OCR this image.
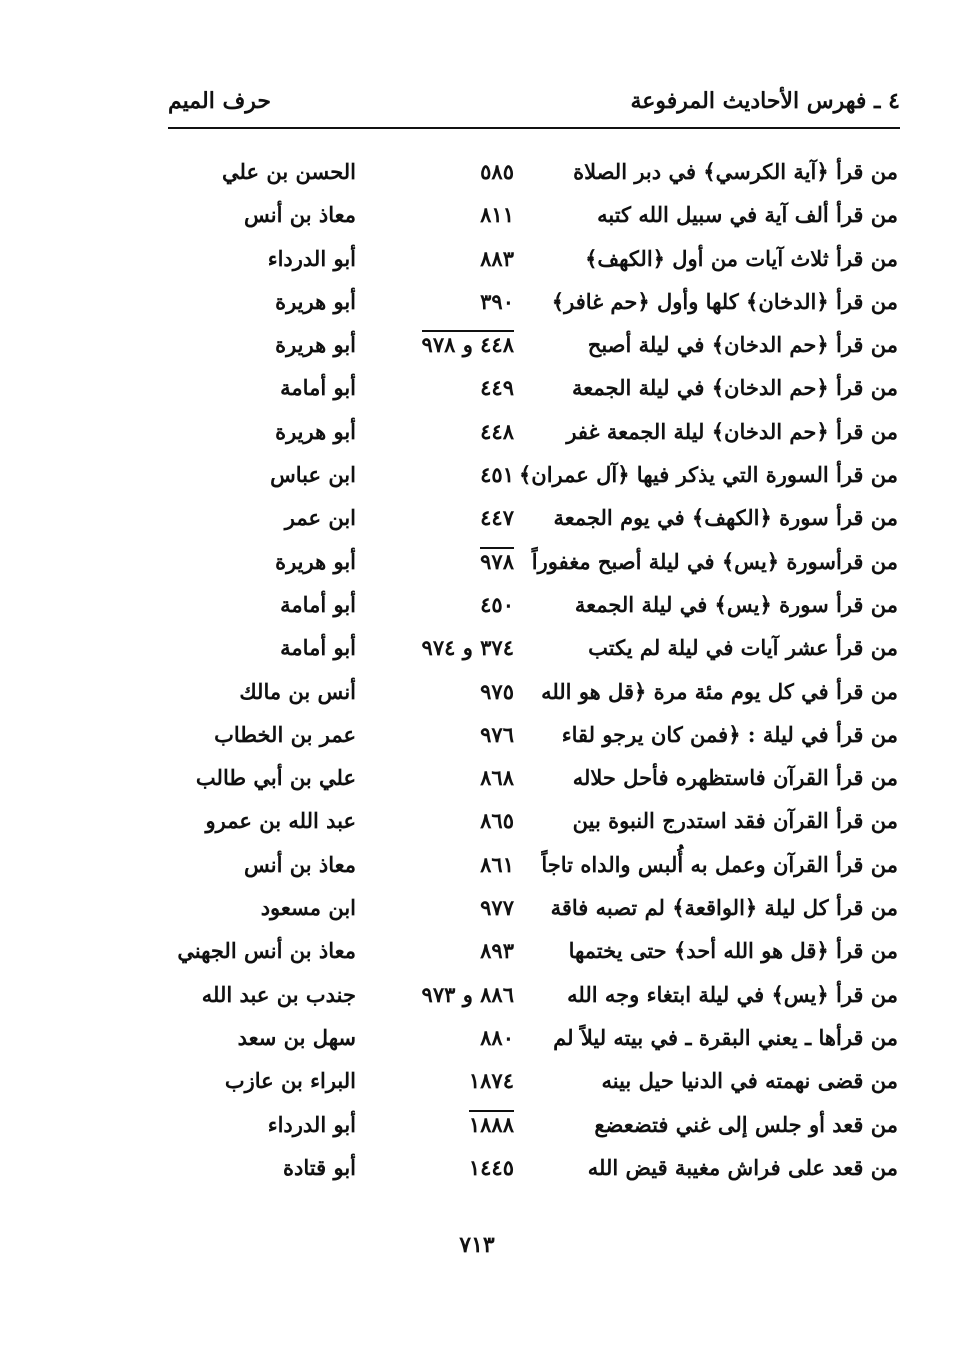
٤ ـ فهرس الأحاديث المرفوعة
حرف الميم
من قرأ ﴿آية الكرسي﴾ في دبر الصلاة
٥٨٥
الحسن بن علي
من قرأ ألف آية في سبيل الله كتبه
٨١١
معاذ بن أنس
من قرأ ثلاث آيات من أول ﴿الكهف﴾
٨٨٣
أبو الدرداء
من قرأ ﴿الدخان﴾ كلها وأول ﴿حم غافر﴾
٣٩٠
أبو هريرة
من قرأ ﴿حم الدخان﴾ في ليلة أصبح
٤٤٨ و ٩٧٨
أبو هريرة
من قرأ ﴿حم الدخان﴾ في ليلة الجمعة
٤٤٩
أبو أمامة
من قرأ ﴿حم الدخان﴾ ليلة الجمعة غفر
٤٤٨
أبو هريرة
من قرأ السورة التي يذكر فيها ﴿آل عمران﴾
٤٥١
ابن عباس
من قرأ سورة ﴿الكهف﴾ في يوم الجمعة
٤٤٧
ابن عمر
من قرأسورة ﴿يس﴾ في ليلة أصبح مغفوراً
٩٧٨
أبو هريرة
من قرأ سورة ﴿يس﴾ في ليلة الجمعة
٤٥٠
أبو أمامة
من قرأ عشر آيات في ليلة لم يكتب
٣٧٤ و ٩٧٤
أبو أمامة
من قرأ في كل يوم مئة مرة ﴿قل هو الله
٩٧٥
أنس بن مالك
من قرأ في ليلة : ﴿فمن كان يرجو لقاء
٩٧٦
عمر بن الخطاب
من قرأ القرآن فاستظهره فأحل حلاله
٨٦٨
علي بن أبي طالب
من قرأ القرآن فقد استدرج النبوة بين
٨٦٥
عبد الله بن عمرو
من قرأ القرآن وعمل به أُلبس والداه تاجاً
٨٦١
معاذ بن أنس
من قرأ كل ليلة ﴿الواقعة﴾ لم تصبه فاقة
٩٧٧
ابن مسعود
من قرأ ﴿قل هو الله أحد﴾ حتى يختمها
٨٩٣
معاذ بن أنس الجهني
من قرأ ﴿يس﴾ في ليلة ابتغاء وجه الله
٨٨٦ و ٩٧٣
جندب بن عبد الله
من قرأها ـ يعني البقرة ـ في بيته ليلاً لم
٨٨٠
سهل بن سعد
من قضى نهمته في الدنيا حيل بينه
١٨٧٤
البراء بن عازب
من قعد أو جلس إلى غني فتضعضع
١٨٨٨
أبو الدرداء
من قعد على فراش مغيبة قيض الله
١٤٤٥
أبو قتادة
٧١٣
